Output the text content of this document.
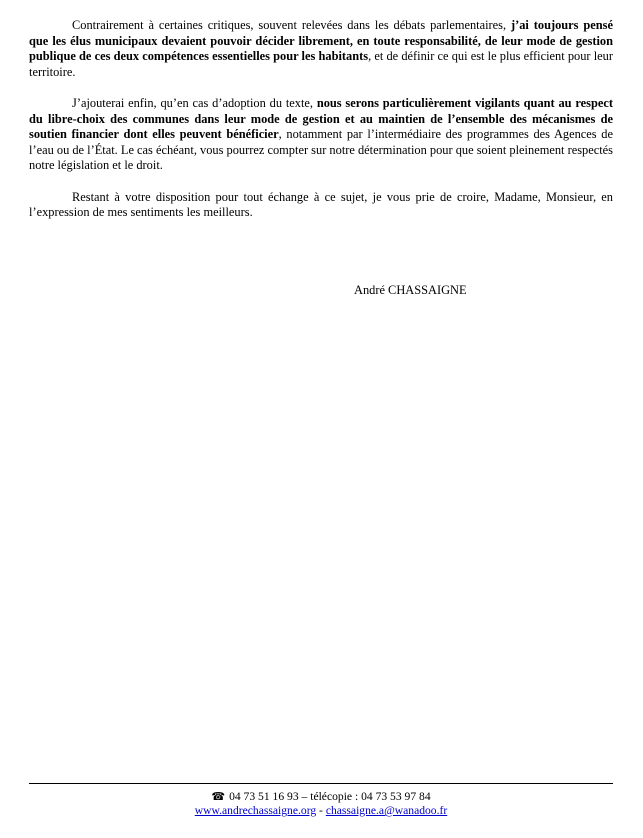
Contrairement à certaines critiques, souvent relevées dans les débats parlementaires, j’ai toujours pensé que les élus municipaux devaient pouvoir décider librement, en toute responsabilité, de leur mode de gestion publique de ces deux compétences essentielles pour les habitants, et de définir ce qui est le plus efficient pour leur territoire.

J’ajouterai enfin, qu’en cas d’adoption du texte, nous serons particulièrement vigilants quant au respect du libre-choix des communes dans leur mode de gestion et au maintien de l’ensemble des mécanismes de soutien financier dont elles peuvent bénéficier, notamment par l’intermédiaire des programmes des Agences de l’eau ou de l’État. Le cas échéant, vous pourrez compter sur notre détermination pour que soient pleinement respectés notre législation et le droit.

Restant à votre disposition pour tout échange à ce sujet, je vous prie de croire, Madame, Monsieur, en l’expression de mes sentiments les meilleurs.

André CHASSAIGNE
☎ 04 73 51 16 93 – télécopie : 04 73 53 97 84
www.andrechassaigne.org - chassaigne.a@wanadoo.fr
